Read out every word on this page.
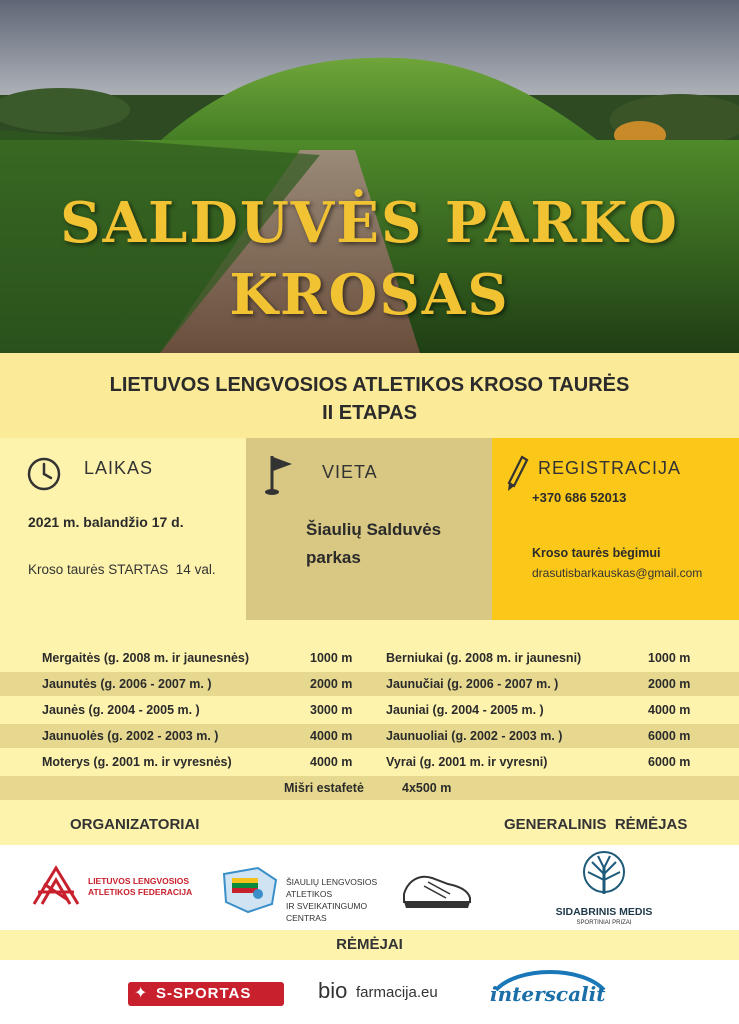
SALDUVĖS PARKO
KROSAS
LIETUVOS LENGVOSIOS ATLETIKOS KROSO TAURĖS
II ETAPAS
LAIKAS
2021 m. balandžio 17 d.
Kroso taurės STARTAS  14 val.
VIETA
Šiaulių Salduvės
parkas
REGISTRACIJA
+370 686 52013
Kroso taurės bėgimui
drasutisbarkauskas@gmail.com
Mergaitės (g. 2008 m. ir jaunesnės)	1000 m	Berniukai (g. 2008 m. ir jaunesni)	1000 m
Jaunutės (g. 2006 - 2007 m. )	2000 m	Jaunučiai (g. 2006 - 2007 m. )	2000 m
Jaunės (g. 2004 - 2005 m. )	3000 m	Jauniai (g. 2004 - 2005 m. )	4000 m
Jaunuolės (g. 2002 - 2003 m. )	4000 m	Jaunuoliai (g. 2002 - 2003 m. )	6000 m
Moterys (g. 2001 m. ir vyresnės)	4000 m	Vyrai (g. 2001 m. ir vyresni)	6000 m
Mišri estafetė	4x500 m
ORGANIZATORIAI	GENERALINIS  RĖMĖJAS
LIETUVOS LENGVOSIOS
ATLETIKOS FEDERACIJA
ŠIAULIŲ LENGVOSIOS ATLETIKOS
IR SVEIKATINGUMO CENTRAS	SIDABRINIS MEDIS
SPORTINIAI PRIZAI
RĖMĖJAI
✦ S-SPORTAS	bio farmacija.eu	interscalit
